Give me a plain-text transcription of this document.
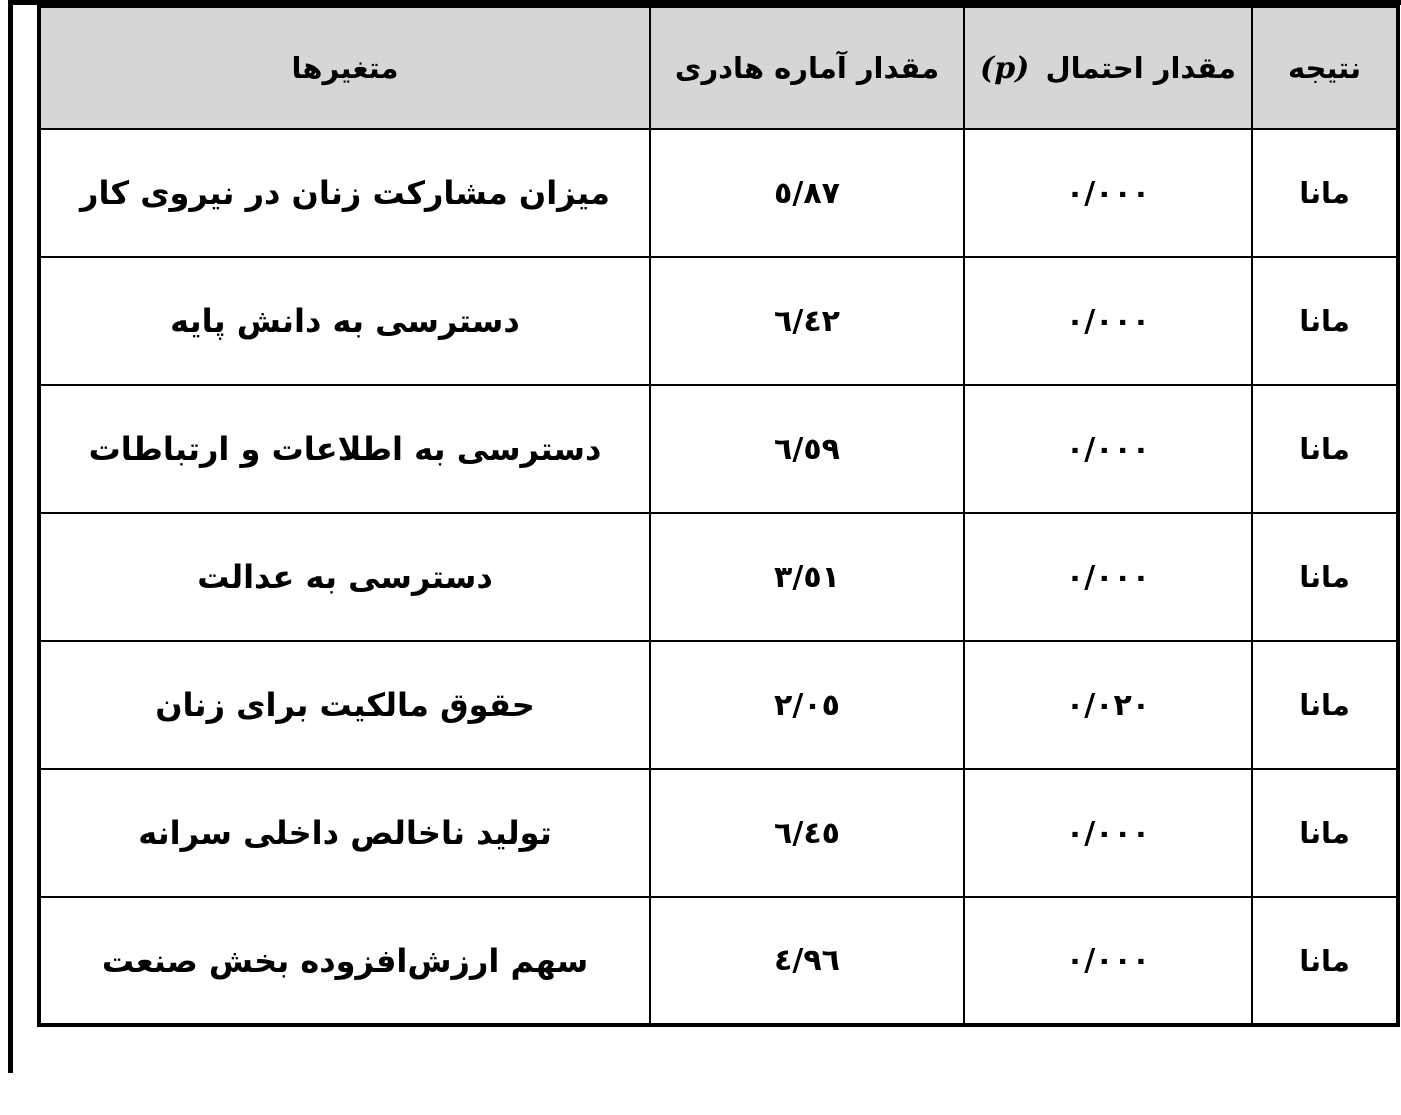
نتیجه	مقدار احتمال (p)	مقدار آماره هادری	متغیرها
مانا	٠/٠٠٠	٥/٨٧	میزان مشارکت زنان در نیروی کار
مانا	٠/٠٠٠	٦/٤٢	دسترسی به دانش پایه
مانا	٠/٠٠٠	٦/٥٩	دسترسی به اطلاعات و ارتباطات
مانا	٠/٠٠٠	٣/٥١	دسترسی به عدالت
مانا	٠/٠٢٠	٢/٠٥	حقوق مالکیت برای زنان
مانا	٠/٠٠٠	٦/٤٥	تولید ناخالص داخلی سرانه
مانا	٠/٠٠٠	٤/٩٦	سهم ارزش‌افزوده بخش صنعت
